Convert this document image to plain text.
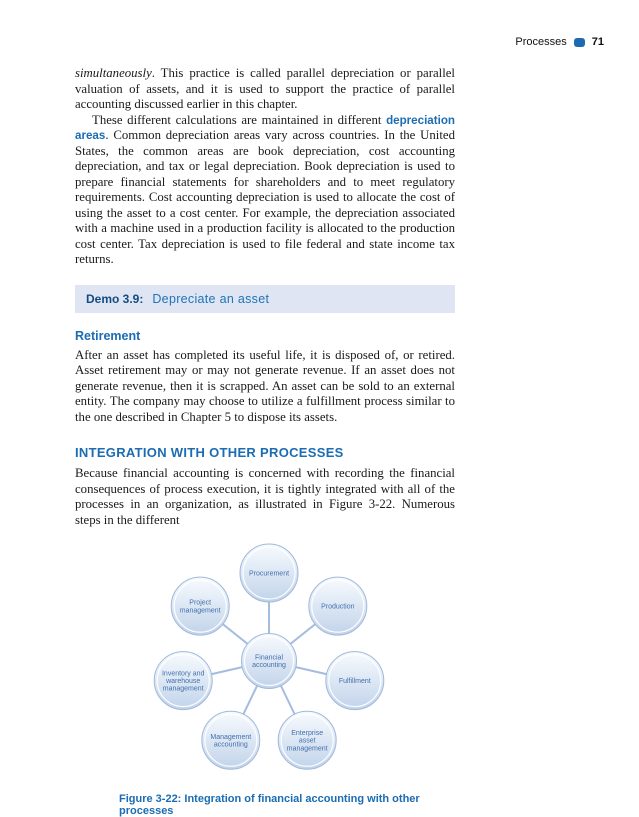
Processes 71

simultaneously. This practice is called parallel depreciation or parallel valuation of assets, and it is used to support the practice of parallel accounting discussed earlier in this chapter.

These different calculations are maintained in different depreciation areas. Common depreciation areas vary across countries. In the United States, the common areas are book depreciation, cost accounting depreciation, and tax or legal depreciation. Book depreciation is used to prepare financial statements for shareholders and to meet regulatory requirements. Cost accounting depreciation is used to allocate the cost of using the asset to a cost center. For example, the depreciation associated with a machine used in a production facility is allocated to the production cost center. Tax depreciation is used to file federal and state income tax returns.

Demo 3.9: Depreciate an asset
Retirement

After an asset has completed its useful life, it is disposed of, or retired. Asset retirement may or may not generate revenue. If an asset does not generate revenue, then it is scrapped. An asset can be sold to an external entity. The company may choose to utilize a fulfillment process similar to the one described in Chapter 5 to dispose its assets.

INTEGRATION WITH OTHER PROCESSES

Because financial accounting is concerned with recording the financial consequences of process execution, it is tightly integrated with all of the processes in an organization, as illustrated in Figure 3-22. Numerous steps in the different

Procurement
Production
Fulfillment
Enterprise asset management
Management accounting
Inventory and warehouse management
Project management
Financial accounting
Figure 3-22: Integration of financial accounting with other processes
